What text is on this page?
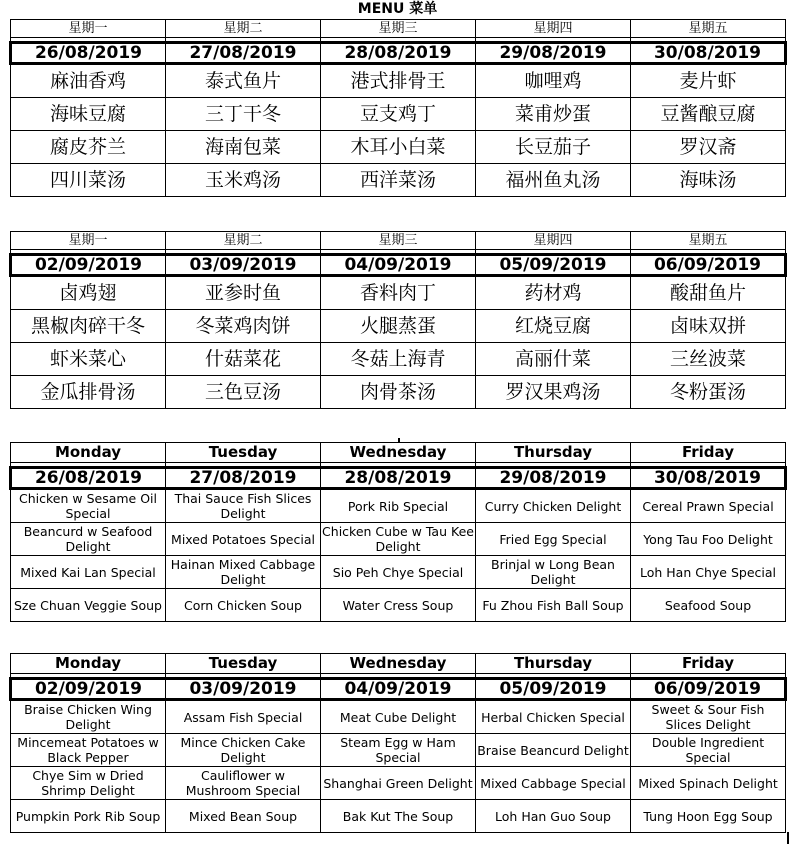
MENU 菜单
星期一	星期二	星期三	星期四	星期五

26/08/2019	27/08/2019	28/08/2019	29/08/2019	30/08/2019
麻油香鸡	泰式鱼片	港式排骨王	咖哩鸡	麦片虾
海味豆腐	三丁干冬	豆支鸡丁	菜甫炒蛋	豆酱酿豆腐
腐皮芥兰	海南包菜	木耳小白菜	长豆茄子	罗汉斋
四川菜汤	玉米鸡汤	西洋菜汤	福州鱼丸汤	海味汤
星期一	星期二	星期三	星期四	星期五

02/09/2019	03/09/2019	04/09/2019	05/09/2019	06/09/2019
卤鸡翅	亚参时鱼	香料肉丁	药材鸡	酸甜鱼片
黑椒肉碎干冬	冬菜鸡肉饼	火腿蒸蛋	红烧豆腐	卤味双拼
虾米菜心	什菇菜花	冬菇上海青	高丽什菜	三丝波菜
金瓜排骨汤	三色豆汤	肉骨茶汤	罗汉果鸡汤	冬粉蛋汤
Monday	Tuesday	Wednesday	Thursday	Friday

26/08/2019	27/08/2019	28/08/2019	29/08/2019	30/08/2019
Chicken w Sesame Oil Special	Thai Sauce Fish Slices Delight	Pork Rib Special	Curry Chicken Delight	Cereal Prawn Special
Beancurd w Seafood Delight	Mixed Potatoes Special	Chicken Cube w Tau Kee Delight	Fried Egg Special	Yong Tau Foo Delight
Mixed Kai Lan Special	Hainan Mixed Cabbage Delight	Sio Peh Chye Special	Brinjal w Long Bean Delight	Loh Han Chye Special
Sze Chuan Veggie Soup	Corn Chicken Soup	Water Cress Soup	Fu Zhou Fish Ball Soup	Seafood Soup
Monday	Tuesday	Wednesday	Thursday	Friday

02/09/2019	03/09/2019	04/09/2019	05/09/2019	06/09/2019
Braise Chicken Wing Delight	Assam Fish Special	Meat Cube Delight	Herbal Chicken Special	Sweet & Sour Fish Slices Delight
Mincemeat Potatoes w Black Pepper	Mince Chicken Cake Delight	Steam Egg w Ham Special	Braise Beancurd Delight	Double Ingredient Special
Chye Sim w Dried Shrimp Delight	Cauliflower w Mushroom Special	Shanghai Green Delight	Mixed Cabbage Special	Mixed Spinach Delight
Pumpkin Pork Rib Soup	Mixed Bean Soup	Bak Kut The Soup	Loh Han Guo Soup	Tung Hoon Egg Soup
